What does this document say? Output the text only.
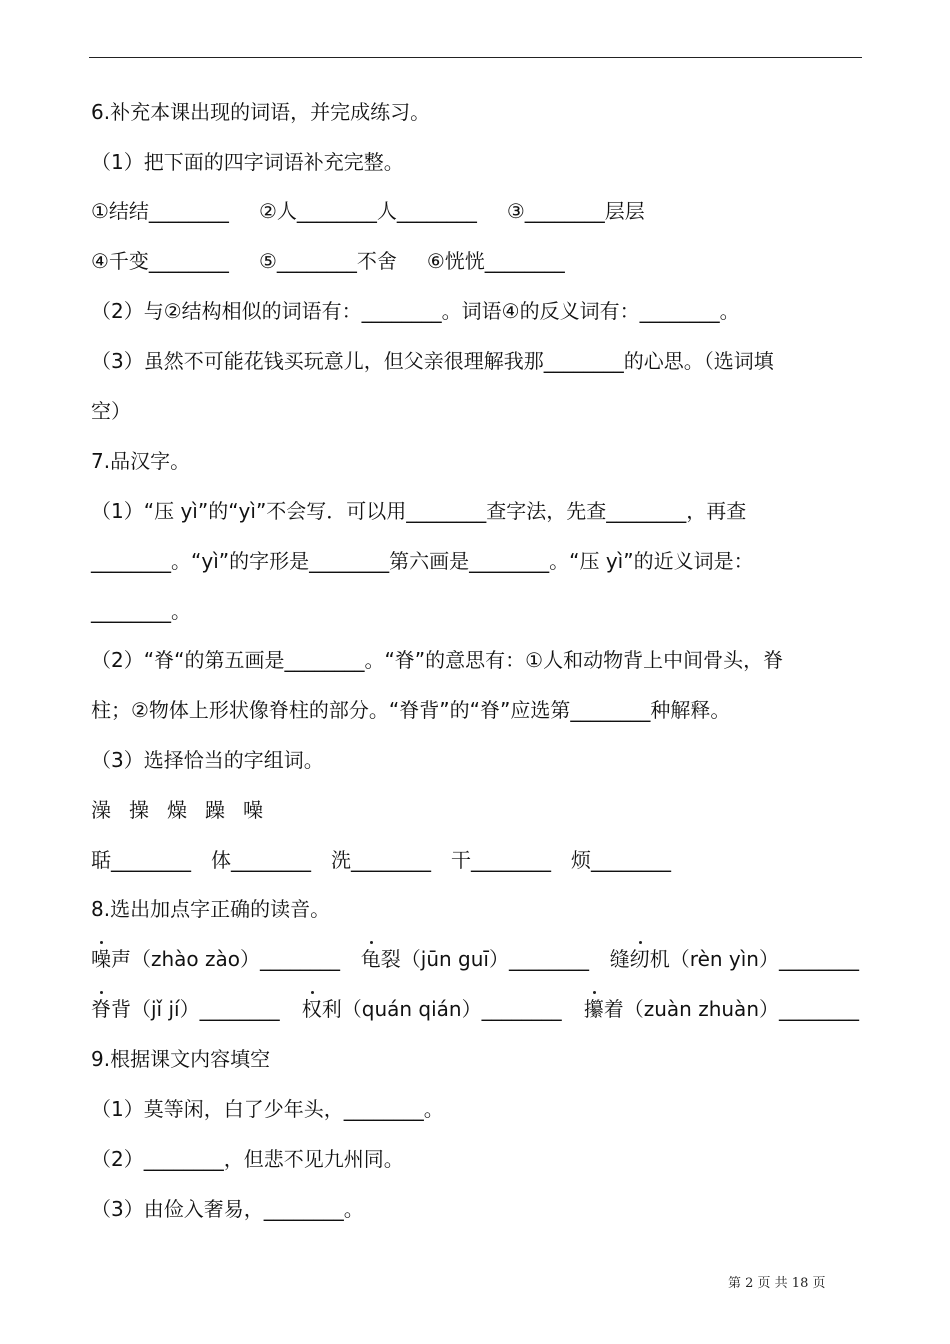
6.补充本课出现的词语，并完成练习。
（1）把下面的四字词语补充完整。
①结结________ ②人________人________ ③________层层
④千变________ ⑤________不舍 ⑥恍恍________
（2）与②结构相似的词语有：________。词语④的反义词有：________。
（3）虽然不可能花钱买玩意儿，但父亲很理解我那________的心思。（选词填
空）
7.品汉字。
（1）“压 yì”的“yì”不会写．可以用________查字法，先查________，再查
________。“yì”的字形是________第六画是________。“压 yì”的近义词是：
________。
（2）“脊“的第五画是________。“脊”的意思有：①人和动物背上中间骨头，脊
柱；②物体上形状像脊柱的部分。“脊背”的“脊”应选第________种解释。
（3）选择恰当的字组词。
澡 操 燥 躁 噪
聒________ 体________ 洗________ 干________ 烦________
8.选出加点字正确的读音。
噪声（zhào zào）________ 龟裂（jūn guī）________ 缝纫机（rèn yìn）________
脊背（jǐ jí）________ 权利（quán qián）________ 攥着（zuàn zhuàn）________
9.根据课文内容填空
（1）莫等闲，白了少年头，________。
（2）________，但悲不见九州同。
（3）由俭入奢易，________。
第 2 页 共 18 页
